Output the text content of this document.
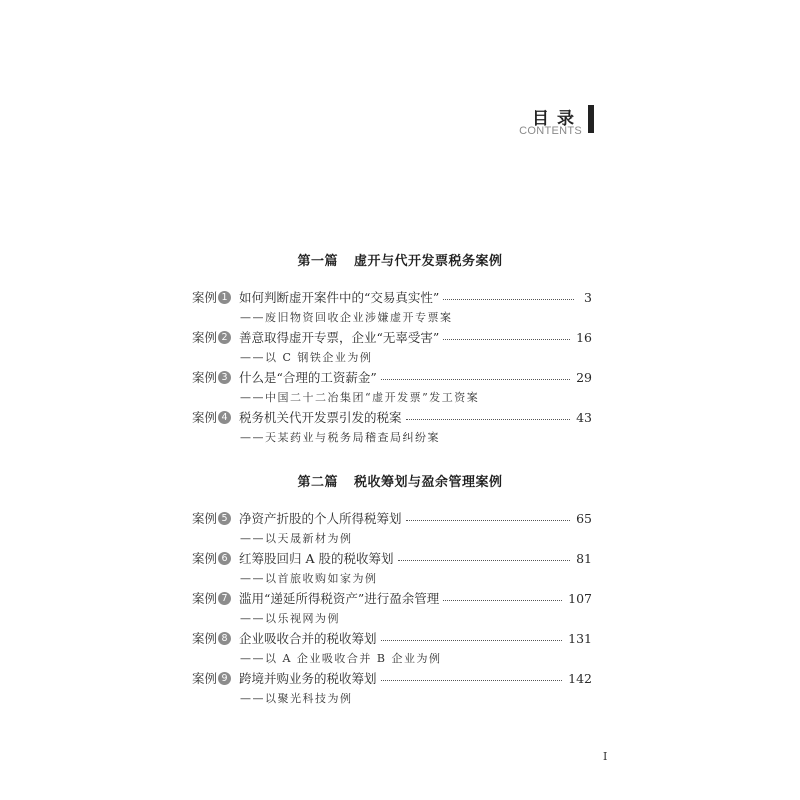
目录
CONTENTS
第一篇 虚开与代开发票税务案例
案例 1 如何判断虚开案件中的“交易真实性”	3
——废旧物资回收企业涉嫌虚开专票案
案例 2 善意取得虚开专票，企业“无辜受害”	16
——以 C 钢铁企业为例
案例 3 什么是“合理的工资薪金”	29
——中国二十二冶集团“虚开发票”发工资案
案例 4 税务机关代开发票引发的税案	43
——天某药业与税务局稽查局纠纷案
第二篇 税收筹划与盈余管理案例
案例 5 净资产折股的个人所得税筹划	65
——以天晟新材为例
案例 6 红筹股回归 A 股的税收筹划	81
——以首旅收购如家为例
案例 7 滥用“递延所得税资产”进行盈余管理	107
——以乐视网为例
案例 8 企业吸收合并的税收筹划	131
——以 A 企业吸收合并 B 企业为例
案例 9 跨境并购业务的税收筹划	142
——以聚光科技为例
I
